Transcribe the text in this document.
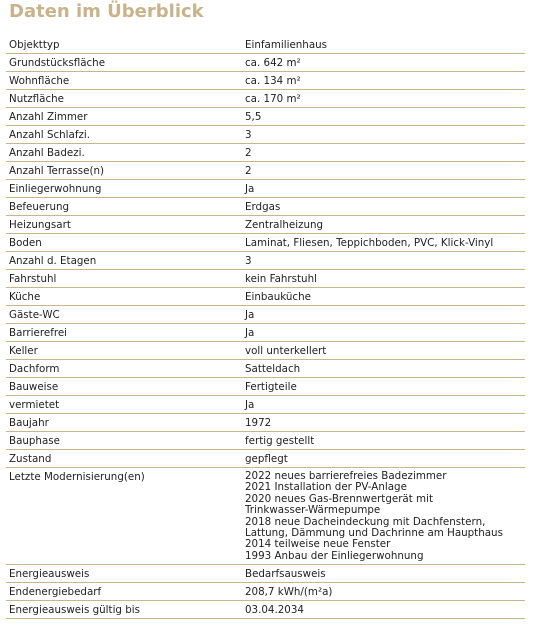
Daten im Überblick
Objekttyp	Einfamilienhaus
Grundstücksfläche	ca. 642 m²
Wohnfläche	ca. 134 m²
Nutzfläche	ca. 170 m²
Anzahl Zimmer	5,5
Anzahl Schlafzi.	3
Anzahl Badezi.	2
Anzahl Terrasse(n)	2
Einliegerwohnung	Ja
Befeuerung	Erdgas
Heizungsart	Zentralheizung
Boden	Laminat, Fliesen, Teppichboden, PVC, Klick-Vinyl
Anzahl d. Etagen	3
Fahrstuhl	kein Fahrstuhl
Küche	Einbauküche
Gäste-WC	Ja
Barrierefrei	Ja
Keller	voll unterkellert
Dachform	Satteldach
Bauweise	Fertigteile
vermietet	Ja
Baujahr	1972
Bauphase	fertig gestellt
Zustand	gepflegt
Letzte Modernisierung(en)	2022 neues barrierefreies Badezimmer
2021 Installation der PV-Anlage
2020 neues Gas-Brennwertgerät mit
Trinkwasser-Wärmepumpe
2018 neue Dacheindeckung mit Dachfenstern,
Lattung, Dämmung und Dachrinne am Haupthaus
2014 teilweise neue Fenster
1993 Anbau der Einliegerwohnung
Energieausweis	Bedarfsausweis
Endenergiebedarf	208,7 kWh/(m²a)
Energieausweis gültig bis	03.04.2034
